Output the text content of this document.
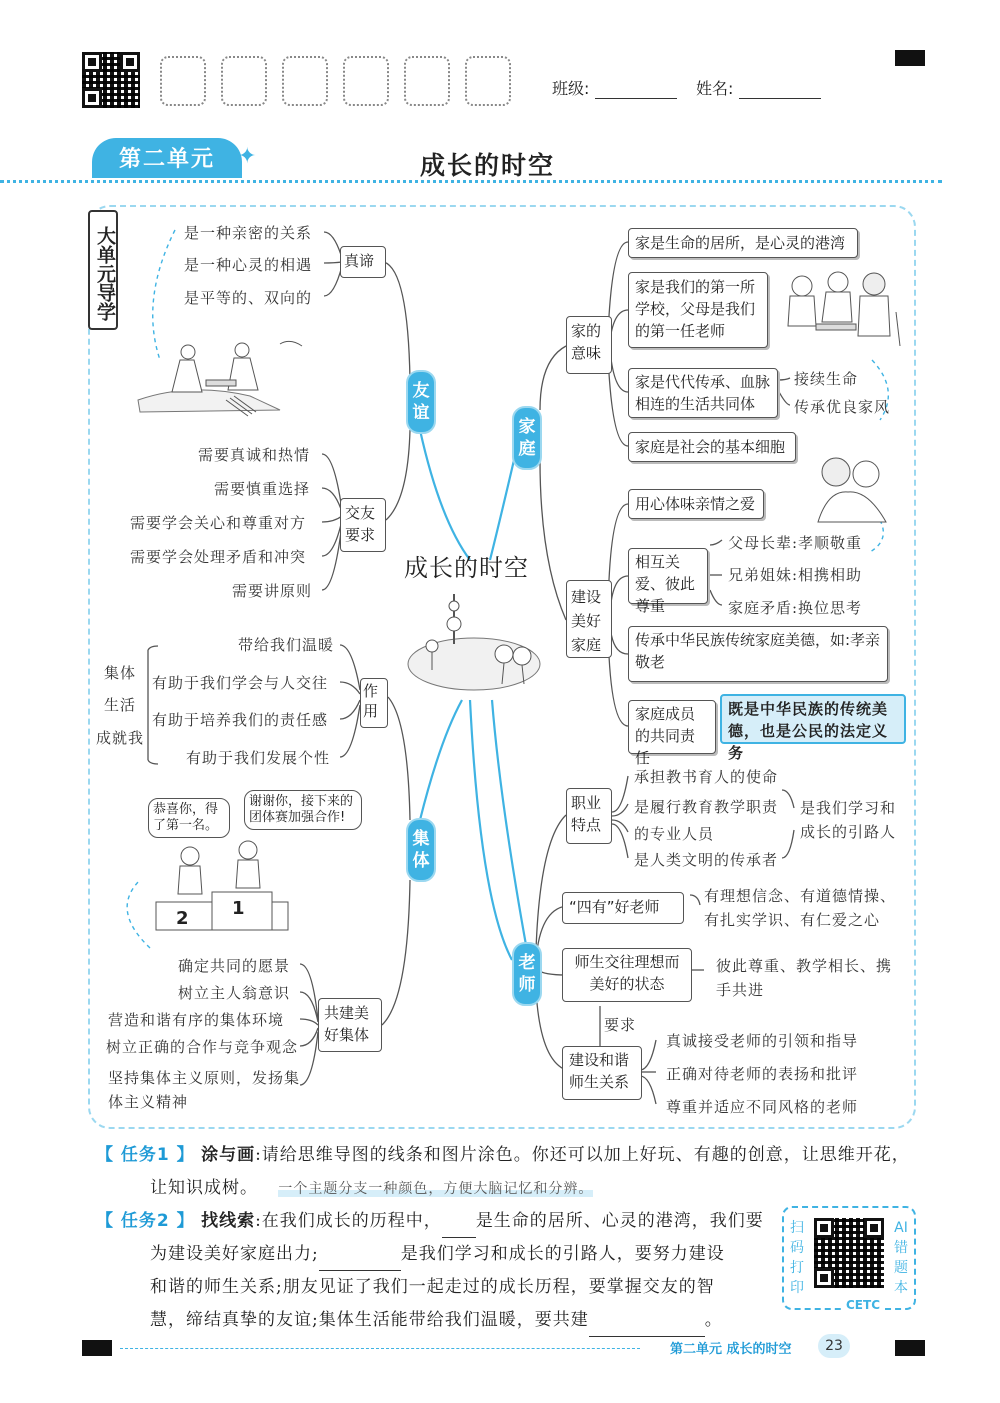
班级:	姓名:
第二单元	✦	成长的时空
大单元导学
成长的时空
友谊
家庭
集体
老师
是一种亲密的关系
是一种心灵的相遇
是平等的、双向的
真谛
需要真诚和热情
需要慎重选择
需要学会关心和尊重对方
需要学会处理矛盾和冲突
需要讲原则
交友要求
集体
生活
成就我
带给我们温暖
有助于我们学会与人交往
有助于培养我们的责任感
有助于我们发展个性
作用
恭喜你，得了第一名。
谢谢你，接下来的团体赛加强合作!
2 1
确定共同的愿景
树立主人翁意识
营造和谐有序的集体环境
树立正确的合作与竞争观念
坚持集体主义原则，发扬集体主义精神
共建美好集体
家的意味
家是生命的居所，是心灵的港湾
家是我们的第一所学校，父母是我们的第一任老师
家是代代传承、血脉相连的生活共同体
家庭是社会的基本细胞
接续生命
传承优良家风
建设美好家庭
用心体味亲情之爱
相互关爱、彼此尊重
父母长辈:孝顺敬重
兄弟姐妹:相携相助
家庭矛盾:换位思考
传承中华民族传统家庭美德，如:孝亲敬老
家庭成员的共同责任
既是中华民族的传统美德，也是公民的法定义务
职业特点
承担教书育人的使命
是履行教育教学职责的专业人员
是人类文明的传承者
是我们学习和成长的引路人
“四有”好老师
有理想信念、有道德情操、有扎实学识、有仁爱之心
师生交往理想而美好的状态
彼此尊重、教学相长、携手共进
要求
建设和谐师生关系
真诚接受老师的引领和指导
正确对待老师的表扬和批评
尊重并适应不同风格的老师
【 任务1 】 涂与画:请给思维导图的线条和图片涂色。你还可以加上好玩、有趣的创意，让思维开花，
让知识成树。 一个主题分支一种颜色，方便大脑记忆和分辨。
【 任务2 】 找线索:在我们成长的历程中， 是生命的居所、心灵的港湾，我们要
为建设美好家庭出力;	是我们学习和成长的引路人，要努力建设
和谐的师生关系;朋友见证了我们一起走过的成长历程，要掌握交友的智
慧，缔结真挚的友谊;集体生活能带给我们温暖，要共建	。
扫
码
打
印
AI
错
题
本
CETC
第二单元 成长的时空	23
